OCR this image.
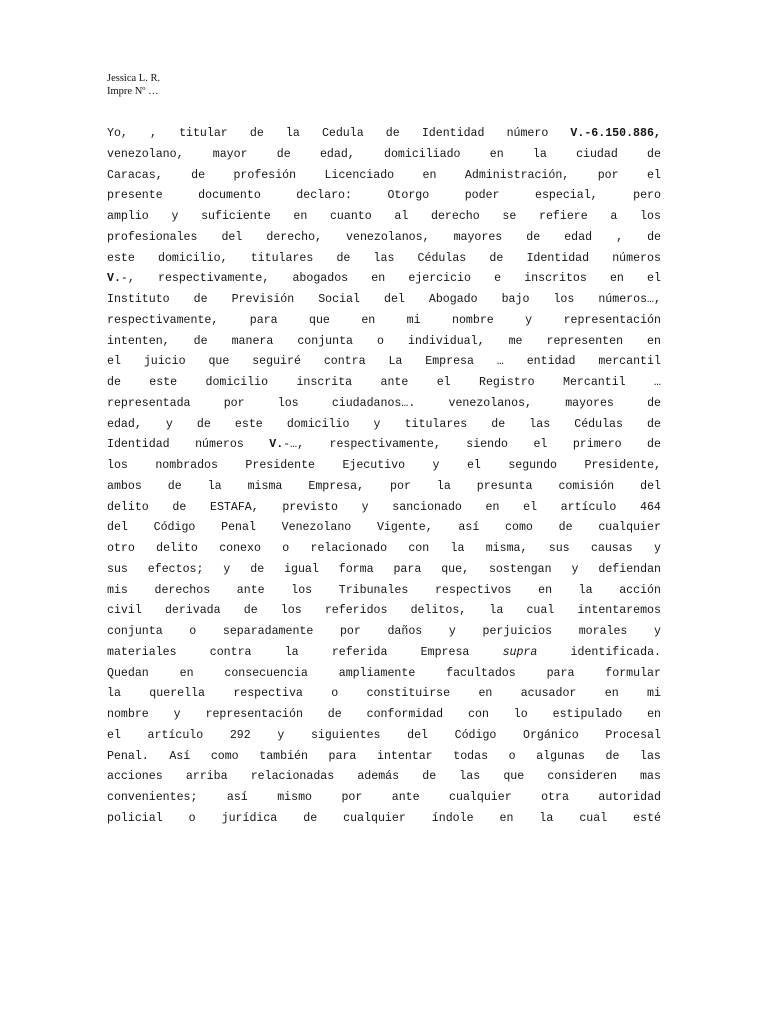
Jessica L. R.
Impre Nº …
Yo, , titular de la Cedula de Identidad número V.-6.150.886,
venezolano,	mayor	de	edad,	domiciliado	en	la	ciudad	de
Caracas, de profesión Licenciado en Administración, por el
presente	documento	declaro:	Otorgo	poder	especial,	pero
amplio y suficiente en cuanto al derecho se refiere a los
profesionales del derecho, venezolanos, mayores de edad , de
este domicilio, titulares de las Cédulas de Identidad números
V.-, respectivamente, abogados en ejercicio e inscritos en el
Instituto de Previsión Social del Abogado bajo los números…,
respectivamente,	para	que	en	mi	nombre	y	representación
intenten, de manera conjunta o individual, me representen en
el juicio que seguiré contra La Empresa … entidad mercantil
de este domicilio inscrita ante el Registro Mercantil …
representada	por	los	ciudadanos….	venezolanos,	mayores	de
edad, y de este domicilio y titulares de las Cédulas de
Identidad números V.-…, respectivamente, siendo el primero de
los nombrados Presidente Ejecutivo y el segundo Presidente,
ambos de la misma Empresa, por la presunta comisión del
delito de ESTAFA, previsto y sancionado en el artículo 464
del Código Penal Venezolano Vigente, así como de cualquier
otro delito conexo o relacionado con la misma, sus causas y
sus efectos; y de igual forma para que, sostengan y defiendan
mis derechos ante los Tribunales respectivos en la acción
civil derivada de los referidos delitos, la cual intentaremos
conjunta o separadamente por daños y perjuicios morales y
materiales	contra	la	referida	Empresa	supra	identificada.
Quedan	en	consecuencia	ampliamente	facultados	para	formular
la querella respectiva o constituirse en acusador en mi
nombre y representación de conformidad con lo estipulado en
el artículo 292 y siguientes del Código Orgánico Procesal
Penal. Así como también para intentar todas o algunas de las
acciones arriba relacionadas además de las que consideren mas
convenientes;	así	mismo	por	ante	cualquier	otra	autoridad
policial o jurídica de cualquier índole en la cual esté
